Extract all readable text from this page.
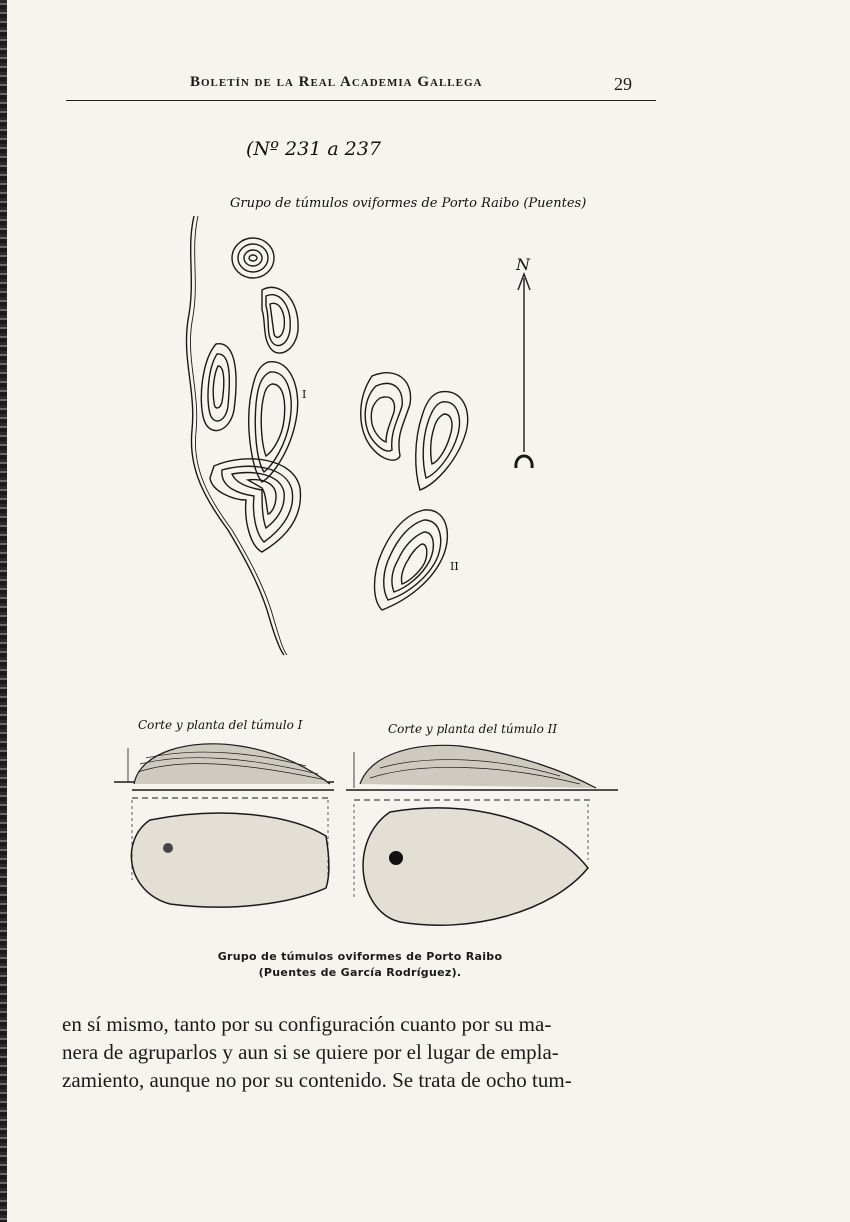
Boletín de la Real Academia Gallega	29
(Nº 231 a 237
Grupo de túmulos oviformes de Porto Raibo (Puentes)
Corte y planta del túmulo I	Corte y planta del túmulo II
N
I
II
Grupo de túmulos oviformes de Porto Raibo
(Puentes de García Rodríguez).
en sí mismo, tanto por su configuración cuanto por su ma-
nera de agruparlos y aun si se quiere por el lugar de empla-
zamiento, aunque no por su contenido. Se trata de ocho tum-
